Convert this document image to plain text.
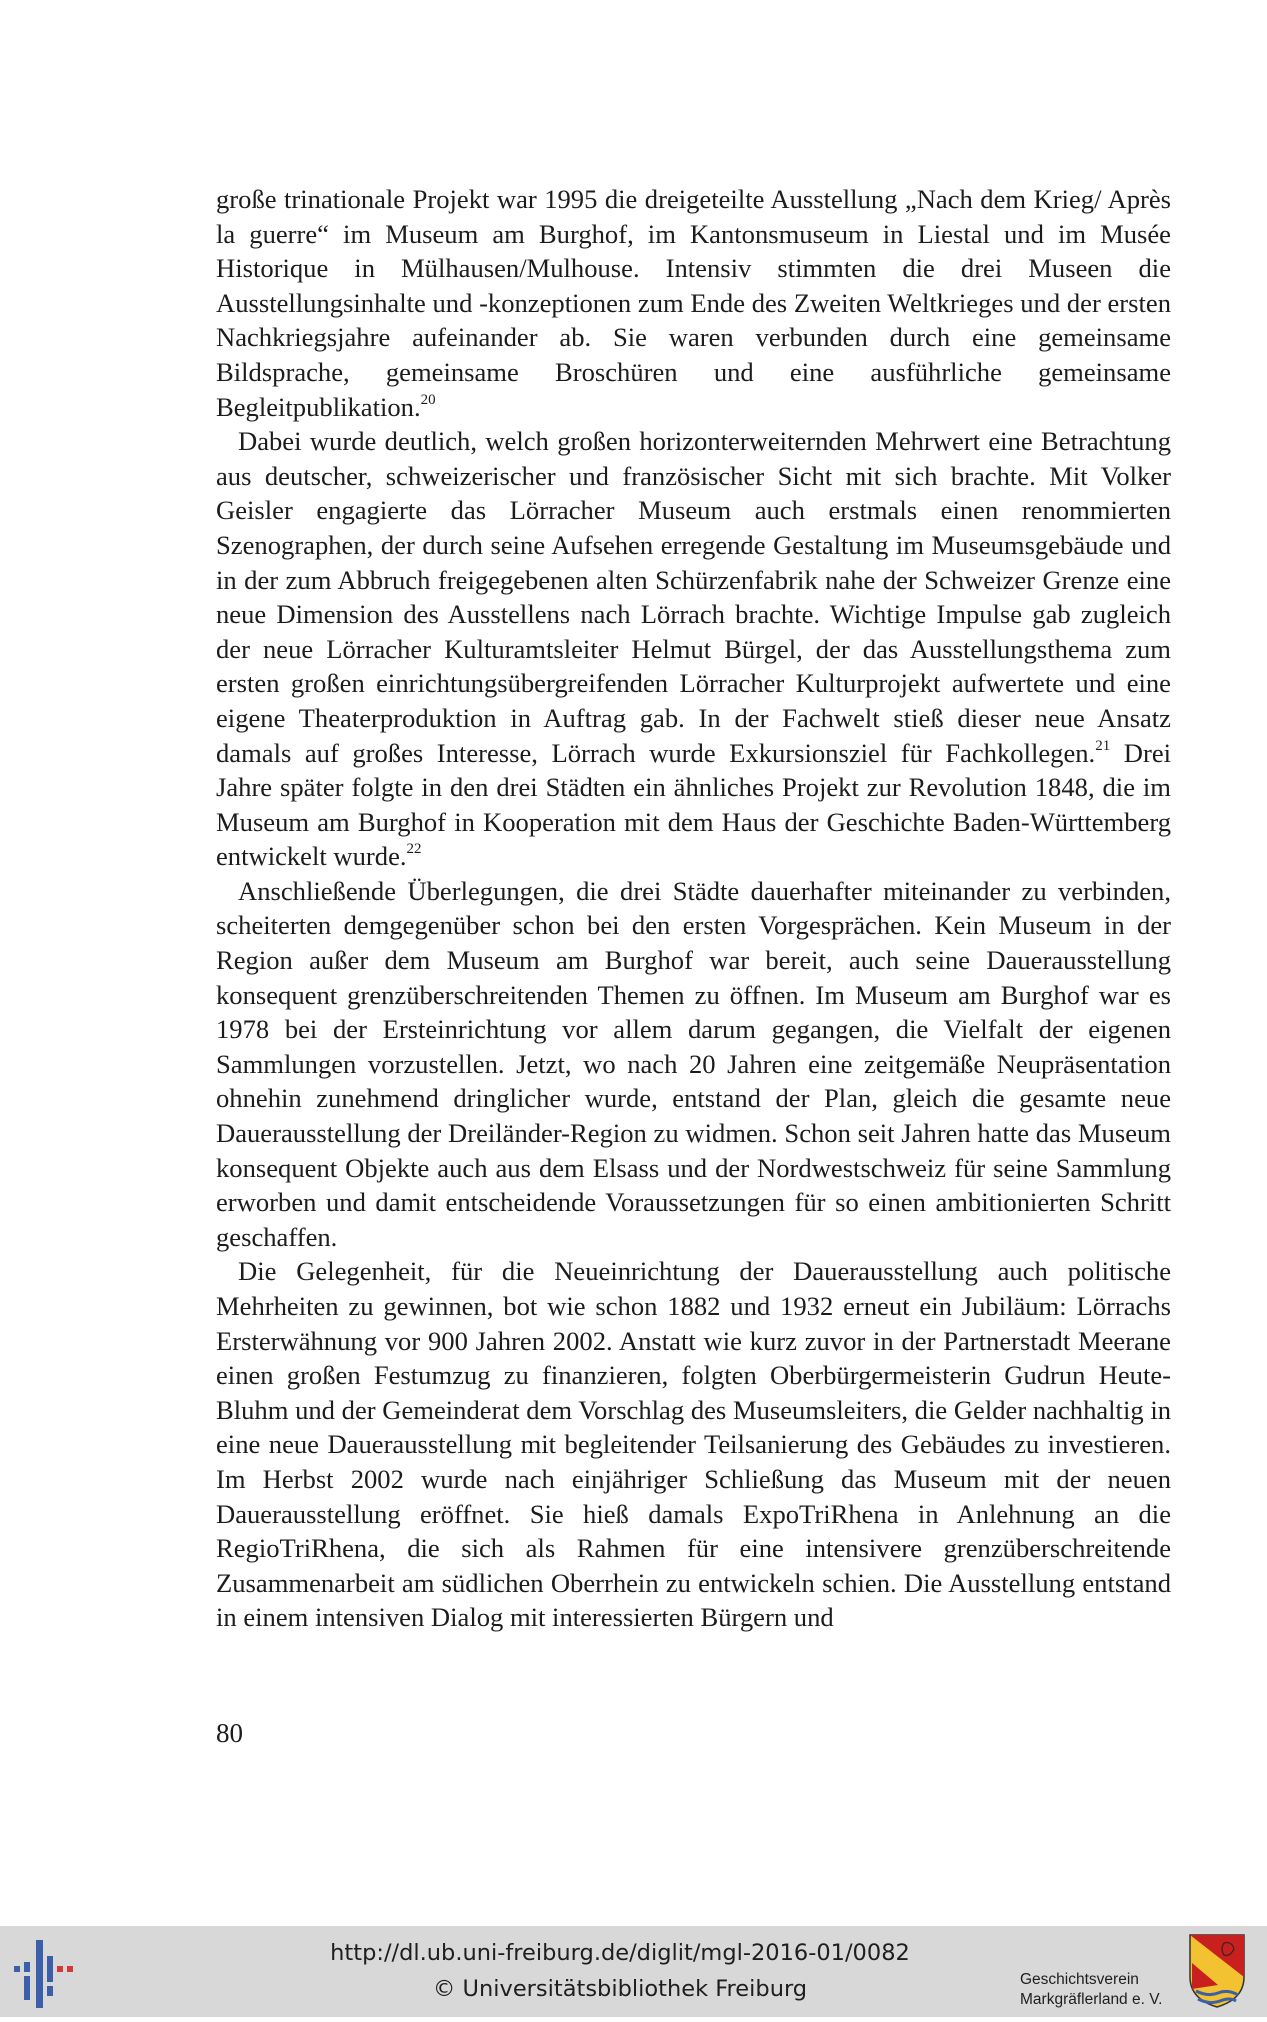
große trinationale Projekt war 1995 die dreigeteilte Ausstellung „Nach dem Krieg/ Après la guerre“ im Museum am Burghof, im Kantonsmuseum in Liestal und im Musée Historique in Mülhausen/Mulhouse. Intensiv stimmten die drei Museen die Ausstellungsinhalte und -konzeptionen zum Ende des Zweiten Weltkrieges und der ersten Nachkriegsjahre aufeinander ab. Sie waren verbunden durch eine gemeinsame Bildsprache, gemeinsame Broschüren und eine ausführliche gemeinsame Begleitpublikation.$^{20}$

Dabei wurde deutlich, welch großen horizonterweiternden Mehrwert eine Betrachtung aus deutscher, schweizerischer und französischer Sicht mit sich brachte. Mit Volker Geisler engagierte das Lörracher Museum auch erstmals einen renommierten Szenographen, der durch seine Aufsehen erregende Gestaltung im Museumsgebäude und in der zum Abbruch freigegebenen alten Schürzenfabrik nahe der Schweizer Grenze eine neue Dimension des Ausstellens nach Lörrach brachte. Wichtige Impulse gab zugleich der neue Lörracher Kulturamtsleiter Helmut Bürgel, der das Ausstellungsthema zum ersten großen einrichtungsübergreifenden Lörracher Kulturprojekt aufwertete und eine eigene Theaterproduktion in Auftrag gab. In der Fachwelt stieß dieser neue Ansatz damals auf großes Interesse, Lörrach wurde Exkursionsziel für Fachkollegen.$^{21}$ Drei Jahre später folgte in den drei Städten ein ähnliches Projekt zur Revolution 1848, die im Museum am Burghof in Kooperation mit dem Haus der Geschichte Baden-Württemberg entwickelt wurde.$^{22}$

Anschließende Überlegungen, die drei Städte dauerhafter miteinander zu verbinden, scheiterten demgegenüber schon bei den ersten Vorgesprächen. Kein Museum in der Region außer dem Museum am Burghof war bereit, auch seine Dauerausstellung konsequent grenzüberschreitenden Themen zu öffnen. Im Museum am Burghof war es 1978 bei der Ersteinrichtung vor allem darum gegangen, die Vielfalt der eigenen Sammlungen vorzustellen. Jetzt, wo nach 20 Jahren eine zeitgemäße Neupräsentation ohnehin zunehmend dringlicher wurde, entstand der Plan, gleich die gesamte neue Dauerausstellung der Dreiländer-Region zu widmen. Schon seit Jahren hatte das Museum konsequent Objekte auch aus dem Elsass und der Nordwestschweiz für seine Sammlung erworben und damit entscheidende Voraussetzungen für so einen ambitionierten Schritt geschaffen.

Die Gelegenheit, für die Neueinrichtung der Dauerausstellung auch politische Mehrheiten zu gewinnen, bot wie schon 1882 und 1932 erneut ein Jubiläum: Lörrachs Ersterwähnung vor 900 Jahren 2002. Anstatt wie kurz zuvor in der Partnerstadt Meerane einen großen Festumzug zu finanzieren, folgten Oberbürgermeisterin Gudrun Heute-Bluhm und der Gemeinderat dem Vorschlag des Museumsleiters, die Gelder nachhaltig in eine neue Dauerausstellung mit begleitender Teilsanierung des Gebäudes zu investieren. Im Herbst 2002 wurde nach einjähriger Schließung das Museum mit der neuen Dauerausstellung eröffnet. Sie hieß damals ExpoTriRhena in Anlehnung an die RegioTriRhena, die sich als Rahmen für eine intensivere grenzüberschreitende Zusammenarbeit am südlichen Oberrhein zu entwickeln schien. Die Ausstellung entstand in einem intensiven Dialog mit interessierten Bürgern und

80
http://dl.ub.uni-freiburg.de/diglit/mgl-2016-01/0082
© Universitätsbibliothek Freiburg	Geschichtsverein
Markgräflerland e. V.
